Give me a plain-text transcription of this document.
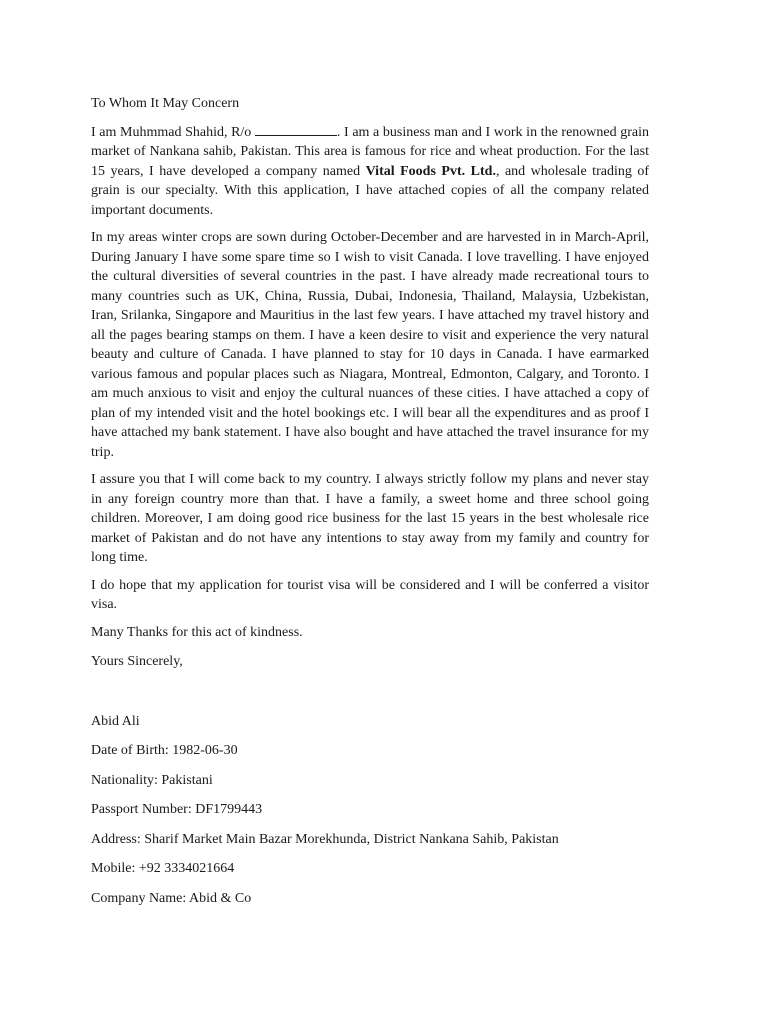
To Whom It May Concern

I am Muhmmad Shahid, R/o	. I am a business man and I work in the renowned grain market of Nankana sahib, Pakistan. This area is famous for rice and wheat production. For the last 15 years, I have developed a company named Vital Foods Pvt. Ltd., and wholesale trading of grain is our specialty. With this application, I have attached copies of all the company related important documents.

In my areas winter crops are sown during October-December and are harvested in in March-April, During January I have some spare time so I wish to visit Canada. I love travelling. I have enjoyed the cultural diversities of several countries in the past. I have already made recreational tours to many countries such as UK, China, Russia, Dubai, Indonesia, Thailand, Malaysia, Uzbekistan, Iran, Srilanka, Singapore and Mauritius in the last few years. I have attached my travel history and all the pages bearing stamps on them. I have a keen desire to visit and experience the very natural beauty and culture of Canada. I have planned to stay for 10 days in Canada. I have earmarked various famous and popular places such as Niagara, Montreal, Edmonton, Calgary, and Toronto. I am much anxious to visit and enjoy the cultural nuances of these cities. I have attached a copy of plan of my intended visit and the hotel bookings etc. I will bear all the expenditures and as proof I have attached my bank statement. I have also bought and have attached the travel insurance for my trip.

I assure you that I will come back to my country. I always strictly follow my plans and never stay in any foreign country more than that. I have a family, a sweet home and three school going children. Moreover, I am doing good rice business for the last 15 years in the best wholesale rice market of Pakistan and do not have any intentions to stay away from my family and country for long time.

I do hope that my application for tourist visa will be considered and I will be conferred a visitor visa.

Many Thanks for this act of kindness.

Yours Sincerely,

Abid Ali

Date of Birth: 1982-06-30

Nationality: Pakistani

Passport Number: DF1799443

Address: Sharif Market Main Bazar Morekhunda, District Nankana Sahib, Pakistan

Mobile: +92 3334021664

Company Name: Abid & Co
